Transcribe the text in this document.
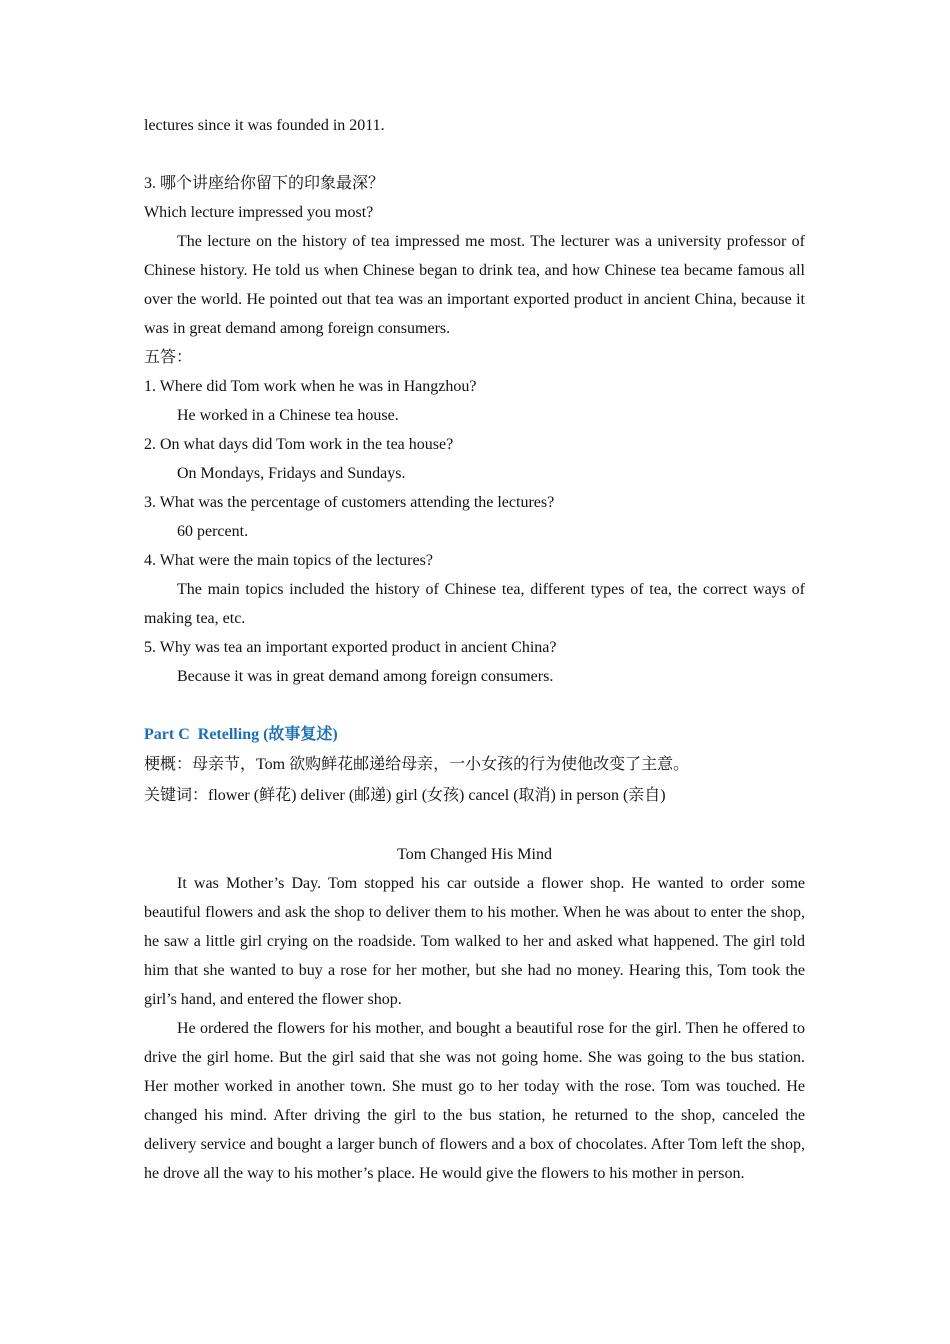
lectures since it was founded in 2011.

3. 哪个讲座给你留下的印象最深？

Which lecture impressed you most?

The lecture on the history of tea impressed me most. The lecturer was a university professor of Chinese history. He told us when Chinese began to drink tea, and how Chinese tea became famous all over the world. He pointed out that tea was an important exported product in ancient China, because it was in great demand among foreign consumers.

五答：

1. Where did Tom work when he was in Hangzhou?

He worked in a Chinese tea house.

2. On what days did Tom work in the tea house?

On Mondays, Fridays and Sundays.

3. What was the percentage of customers attending the lectures?

60 percent.

4. What were the main topics of the lectures?

The main topics included the history of Chinese tea, different types of tea, the correct ways of making tea, etc.

5. Why was tea an important exported product in ancient China?

Because it was in great demand among foreign consumers.

Part C Retelling (故事复述)

梗概：母亲节，Tom 欲购鲜花邮递给母亲，一小女孩的行为使他改变了主意。

关键词：flower (鲜花) deliver (邮递) girl (女孩) cancel (取消) in person (亲自)

Tom Changed His Mind

It was Mother’s Day. Tom stopped his car outside a flower shop. He wanted to order some beautiful flowers and ask the shop to deliver them to his mother. When he was about to enter the shop, he saw a little girl crying on the roadside. Tom walked to her and asked what happened. The girl told him that she wanted to buy a rose for her mother, but she had no money. Hearing this, Tom took the girl’s hand, and entered the flower shop.

He ordered the flowers for his mother, and bought a beautiful rose for the girl. Then he offered to drive the girl home. But the girl said that she was not going home. She was going to the bus station. Her mother worked in another town. She must go to her today with the rose. Tom was touched. He changed his mind. After driving the girl to the bus station, he returned to the shop, canceled the delivery service and bought a larger bunch of flowers and a box of chocolates. After Tom left the shop, he drove all the way to his mother’s place. He would give the flowers to his mother in person.
